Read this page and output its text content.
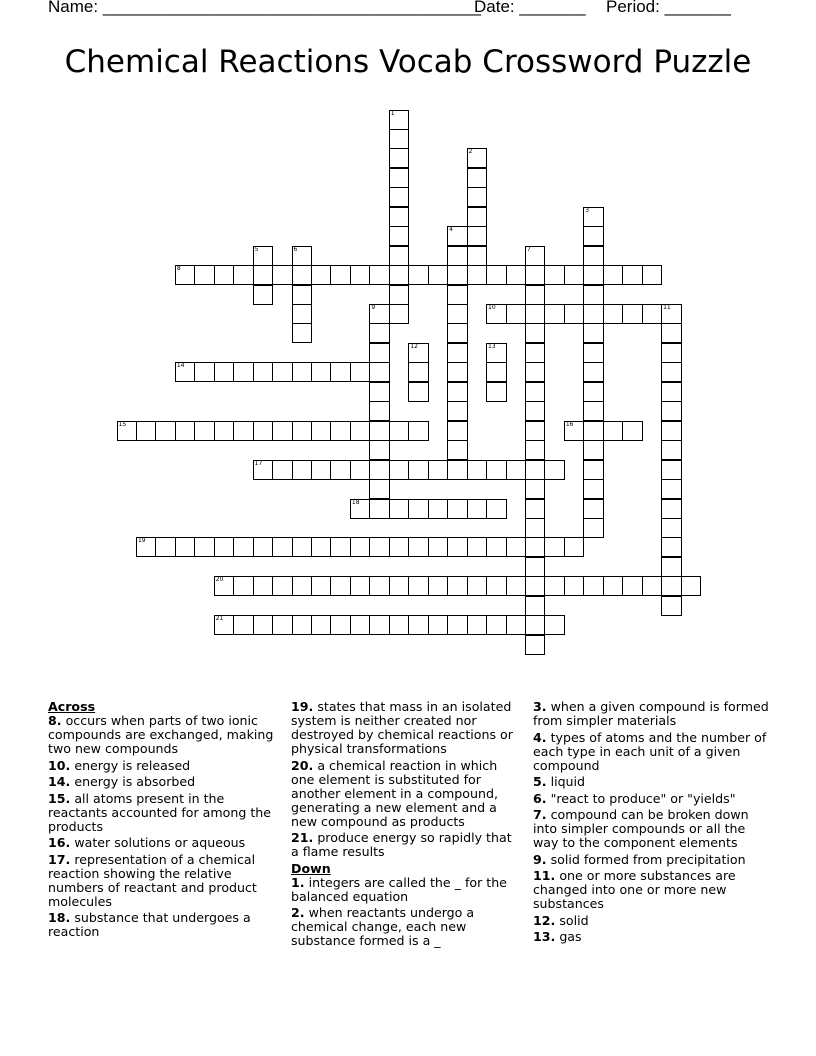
Name: ________________________________________
Date: _______ Period: _______
Chemical Reactions Vocab Crossword Puzzle
1
2
3
4
5	6	7
8
9	10	11
12	13
14
15	16
17
18
19
20
21
Across
8. occurs when parts of two ionic compounds are exchanged, making two new compounds
10. energy is released
14. energy is absorbed
15. all atoms present in the reactants accounted for among the products
16. water solutions or aqueous
17. representation of a chemical reaction showing the relative numbers of reactant and product molecules
18. substance that undergoes a reaction
19. states that mass in an isolated system is neither created nor destroyed by chemical reactions or physical transformations
20. a chemical reaction in which one element is substituted for another element in a compound, generating a new element and a new compound as products
21. produce energy so rapidly that a flame results
Down
1. integers are called the _ for the balanced equation
2. when reactants undergo a chemical change, each new substance formed is a _
3. when a given compound is formed from simpler materials
4. types of atoms and the number of each type in each unit of a given compound
5. liquid
6. "react to produce" or "yields"
7. compound can be broken down into simpler compounds or all the way to the component elements
9. solid formed from precipitation
11. one or more substances are changed into one or more new substances
12. solid
13. gas
